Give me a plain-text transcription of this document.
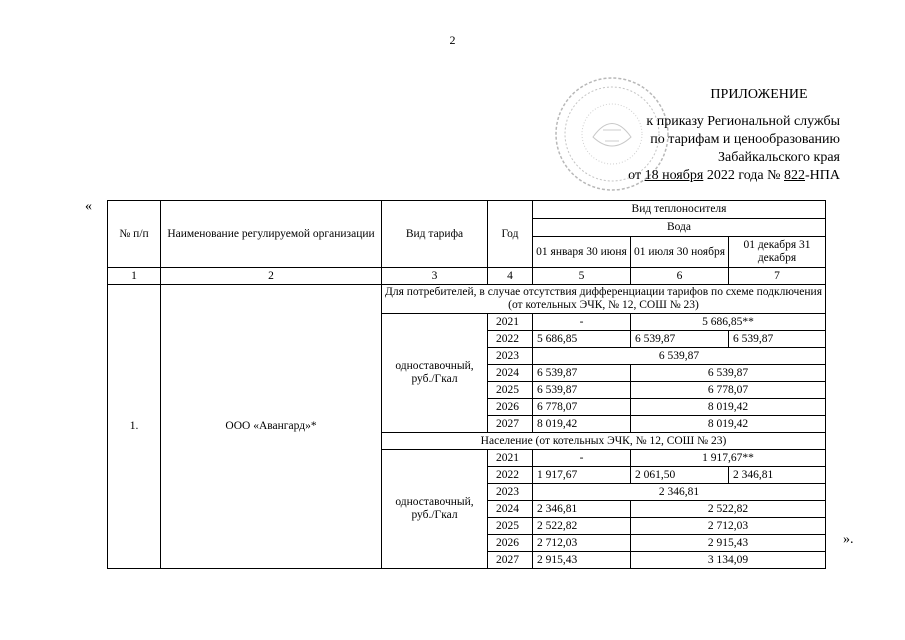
2
ПРИЛОЖЕНИЕ
к приказу Региональной службы
по тарифам и ценообразованию
Забайкальского края
от 18 ноября 2022 года № 822-НПА
«
».
№ п/п	Наименование регулируемой организации	Вид тарифа	Год	Вид теплоносителя		
				Вода		
				01 января 30 июня	01 июля 30 ноября	01 декабря 31 декабря
1	2	3	4	5	6	7
1.	ООО «Авангард»*	Для потребителей, в случае отсутствия дифференциации тарифов по схеме подключения (от котельных ЭЧК, № 12, СОШ № 23)				
		одноставочный, руб./Гкал	2021	-	5 686,85**	
			2022	5 686,85	6 539,87	6 539,87
			2023	6 539,87		
			2024	6 539,87	6 539,87	
			2025	6 539,87	6 778,07	
			2026	6 778,07	8 019,42	
			2027	8 019,42	8 019,42	
		Население (от котельных ЭЧК, № 12, СОШ № 23)				
		одноставочный, руб./Гкал	2021	-	1 917,67**	
			2022	1 917,67	2 061,50	2 346,81
			2023	2 346,81		
			2024	2 346,81	2 522,82	
			2025	2 522,82	2 712,03	
			2026	2 712,03	2 915,43	
			2027	2 915,43	3 134,09	
